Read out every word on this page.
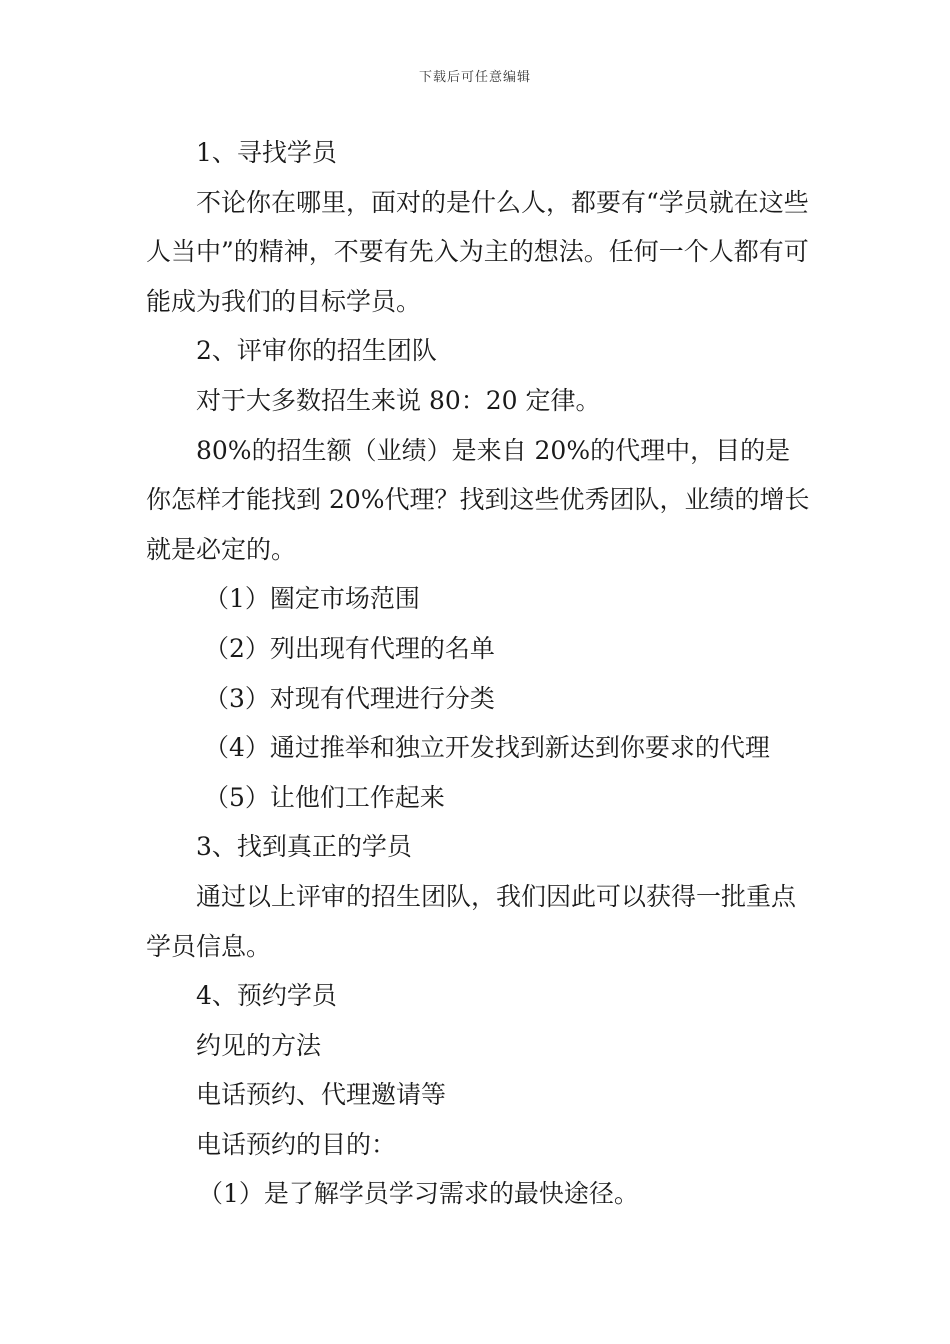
下载后可任意编辑

1、寻找学员

不论你在哪里，面对的是什么人，都要有“学员就在这些人当中”的精神，不要有先入为主的想法。任何一个人都有可能成为我们的目标学员。

2、评审你的招生团队

对于大多数招生来说 80：20 定律。

80%的招生额（业绩）是来自 20%的代理中，目的是你怎样才能找到 20%代理？找到这些优秀团队，业绩的增长就是必定的。

（1）圈定市场范围

（2）列出现有代理的名单

（3）对现有代理进行分类

（4）通过推举和独立开发找到新达到你要求的代理

（5）让他们工作起来

3、找到真正的学员

通过以上评审的招生团队，我们因此可以获得一批重点学员信息。

4、预约学员

约见的方法

电话预约、代理邀请等

电话预约的目的：

（1）是了解学员学习需求的最快途径。
